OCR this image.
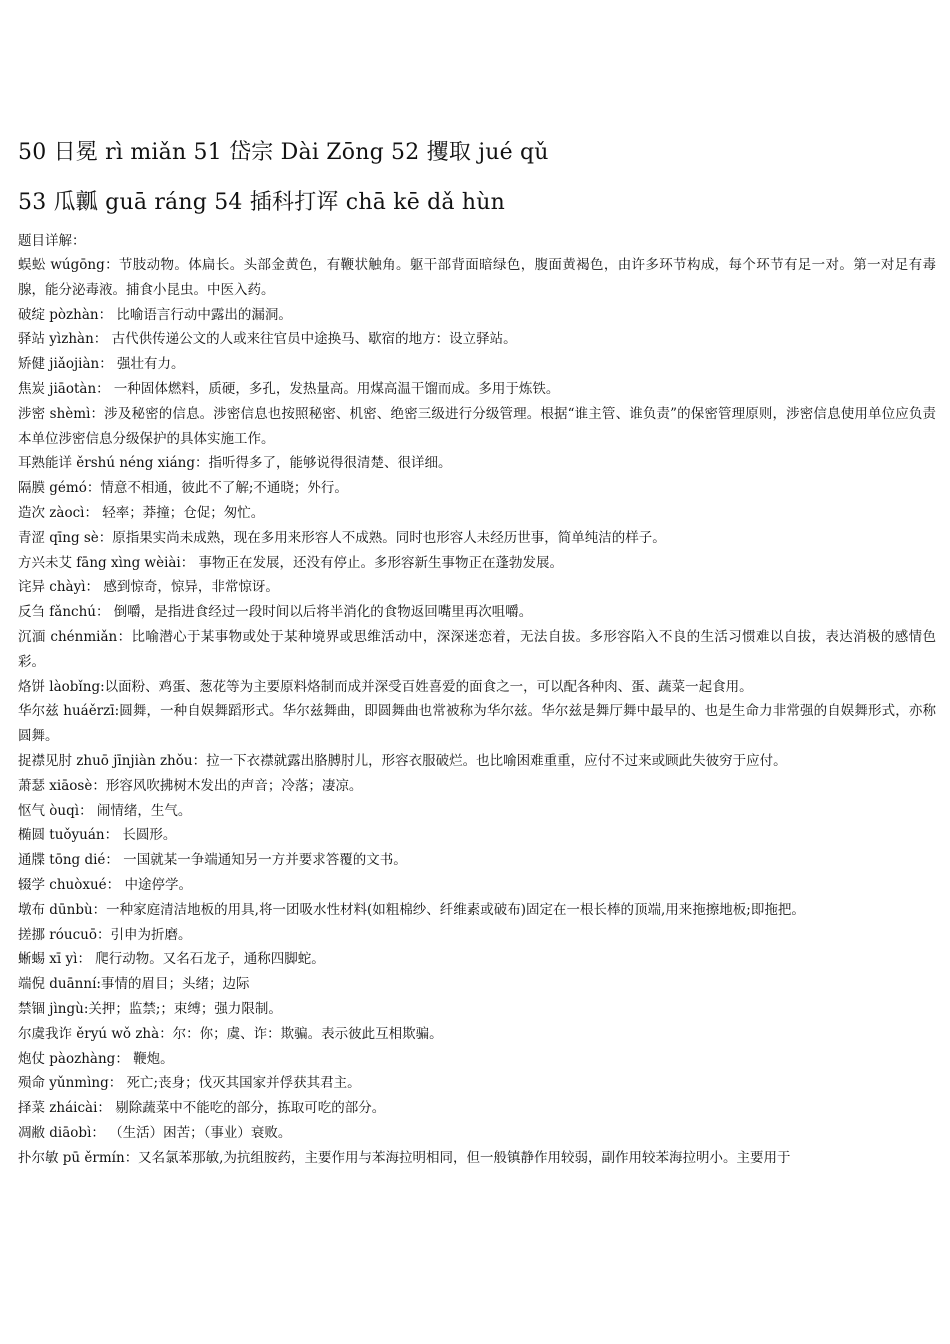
50 日冕 rì miǎn 51 岱宗 Dài Zōng 52 攫取 jué qǔ
53 瓜瓤 guā ráng 54 插科打诨 chā kē dǎ hùn
题目详解：

蜈蚣 wúgōng：节肢动物。体扁长。头部金黄色，有鞭状触角。躯干部背面暗绿色，腹面黄褐色，由许多环节构成，每个环节有足一对。第一对足有毒腺，能分泌毒液。捕食小昆虫。中医入药。

破绽 pòzhàn： 比喻语言行动中露出的漏洞。

驿站 yìzhàn： 古代供传递公文的人或来往官员中途换马、歇宿的地方：设立驿站。

矫健 jiǎojiàn： 强壮有力。

焦炭 jiāotàn： 一种固体燃料，质硬，多孔，发热量高。用煤高温干馏而成。多用于炼铁。

涉密 shèmì：涉及秘密的信息。涉密信息也按照秘密、机密、绝密三级进行分级管理。根据“谁主管、谁负责”的保密管理原则，涉密信息使用单位应负责本单位涉密信息分级保护的具体实施工作。

耳熟能详 ěrshú néng xiáng：指听得多了，能够说得很清楚、很详细。

隔膜 gémó：情意不相通，彼此不了解;不通晓；外行。

造次 zàocì： 轻率；莽撞；仓促；匆忙。

青涩 qīng sè：原指果实尚未成熟，现在多用来形容人不成熟。同时也形容人未经历世事，简单纯洁的样子。

方兴未艾 fāng xìng wèiài： 事物正在发展，还没有停止。多形容新生事物正在蓬勃发展。

诧异 chàyì： 感到惊奇，惊异，非常惊讶。

反刍 fǎnchú： 倒嚼，是指进食经过一段时间以后将半消化的食物返回嘴里再次咀嚼。

沉湎 chénmiǎn：比喻潜心于某事物或处于某种境界或思维活动中，深深迷恋着，无法自拔。多形容陷入不良的生活习惯难以自拔，表达消极的感情色彩。

烙饼 làobǐng:以面粉、鸡蛋、葱花等为主要原料烙制而成并深受百姓喜爱的面食之一，可以配各种肉、蛋、蔬菜一起食用。

华尔兹 huáěrzī:圆舞，一种自娱舞蹈形式。华尔兹舞曲，即圆舞曲也常被称为华尔兹。华尔兹是舞厅舞中最早的、也是生命力非常强的自娱舞形式，亦称圆舞。

捉襟见肘 zhuō jīnjiàn zhǒu：拉一下衣襟就露出胳膊肘儿，形容衣服破烂。也比喻困难重重，应付不过来或顾此失彼穷于应付。

萧瑟 xiāosè：形容风吹拂树木发出的声音；冷落；凄凉。

怄气 òuqì： 闹情绪，生气。

椭圆 tuǒyuán： 长圆形。

通牒 tōng dié： 一国就某一争端通知另一方并要求答覆的文书。

辍学 chuòxué： 中途停学。

墩布 dūnbù：一种家庭清洁地板的用具,将一团吸水性材料(如粗棉纱、纤维素或破布)固定在一根长棒的顶端,用来拖擦地板;即拖把。

搓挪 róucuō：引申为折磨。

蜥蜴 xī yì： 爬行动物。又名石龙子，通称四脚蛇。

端倪 duānní:事情的眉目；头绪；边际

禁锢 jìngù:关押；监禁;；束缚；强力限制。

尔虞我诈 ěryú wǒ zhà：尔：你；虞、诈：欺骗。表示彼此互相欺骗。

炮仗 pàozhàng： 鞭炮。

殒命 yǔnmìng： 死亡;丧身；伐灭其国家并俘获其君主。

择菜 zháicài： 剔除蔬菜中不能吃的部分，拣取可吃的部分。

凋敝 diāobì： （生活）困苦；（事业）衰败。

扑尔敏 pū ěrmín：又名氯苯那敏,为抗组胺药，主要作用与苯海拉明相同，但一般镇静作用较弱，副作用较苯海拉明小。主要用于
